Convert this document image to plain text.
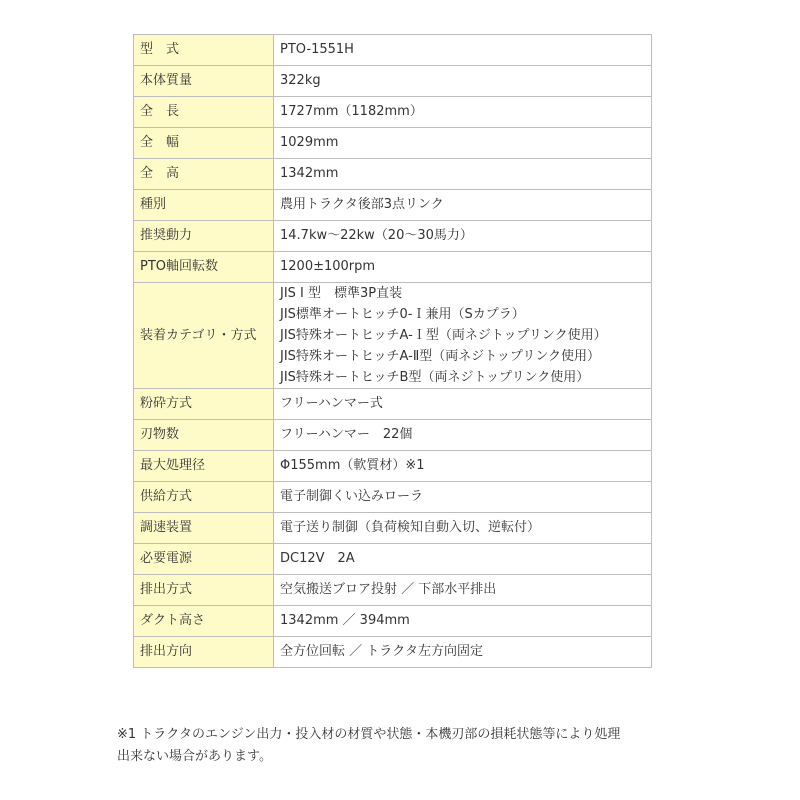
型　式	PTO-1551H
本体質量	322kg
全　長	1727mm（1182mm）
全　幅	1029mm
全　高	1342mm
種別	農用トラクタ後部3点リンク
推奨動力	14.7kw～22kw（20～30馬力）
PTO軸回転数	1200±100rpm
装着カテゴリ・方式	JIS I 型　標準3P直装
JIS標準オートヒッチ0-Ｉ兼用（Sカプラ）
JIS特殊オートヒッチA-Ｉ型（両ネジトップリンク使用）
JIS特殊オートヒッチA-Ⅱ型（両ネジトップリンク使用）
JIS特殊オートヒッチB型（両ネジトップリンク使用）

粉砕方式	フリーハンマー式
刃物数	フリーハンマー　22個
最大処理径	Φ155mm（軟質材）※1
供給方式	電子制御くい込みローラ
調速装置	電子送り制御（負荷検知自動入切、逆転付）
必要電源	DC12V　2A
排出方式	空気搬送ブロア投射 ／ 下部水平排出
ダクト高さ	1342mm ／ 394mm
排出方向	全方位回転 ／ トラクタ左方向固定
※1 トラクタのエンジン出力・投入材の材質や状態・本機刃部の損耗状態等により処理
出来ない場合があります。
